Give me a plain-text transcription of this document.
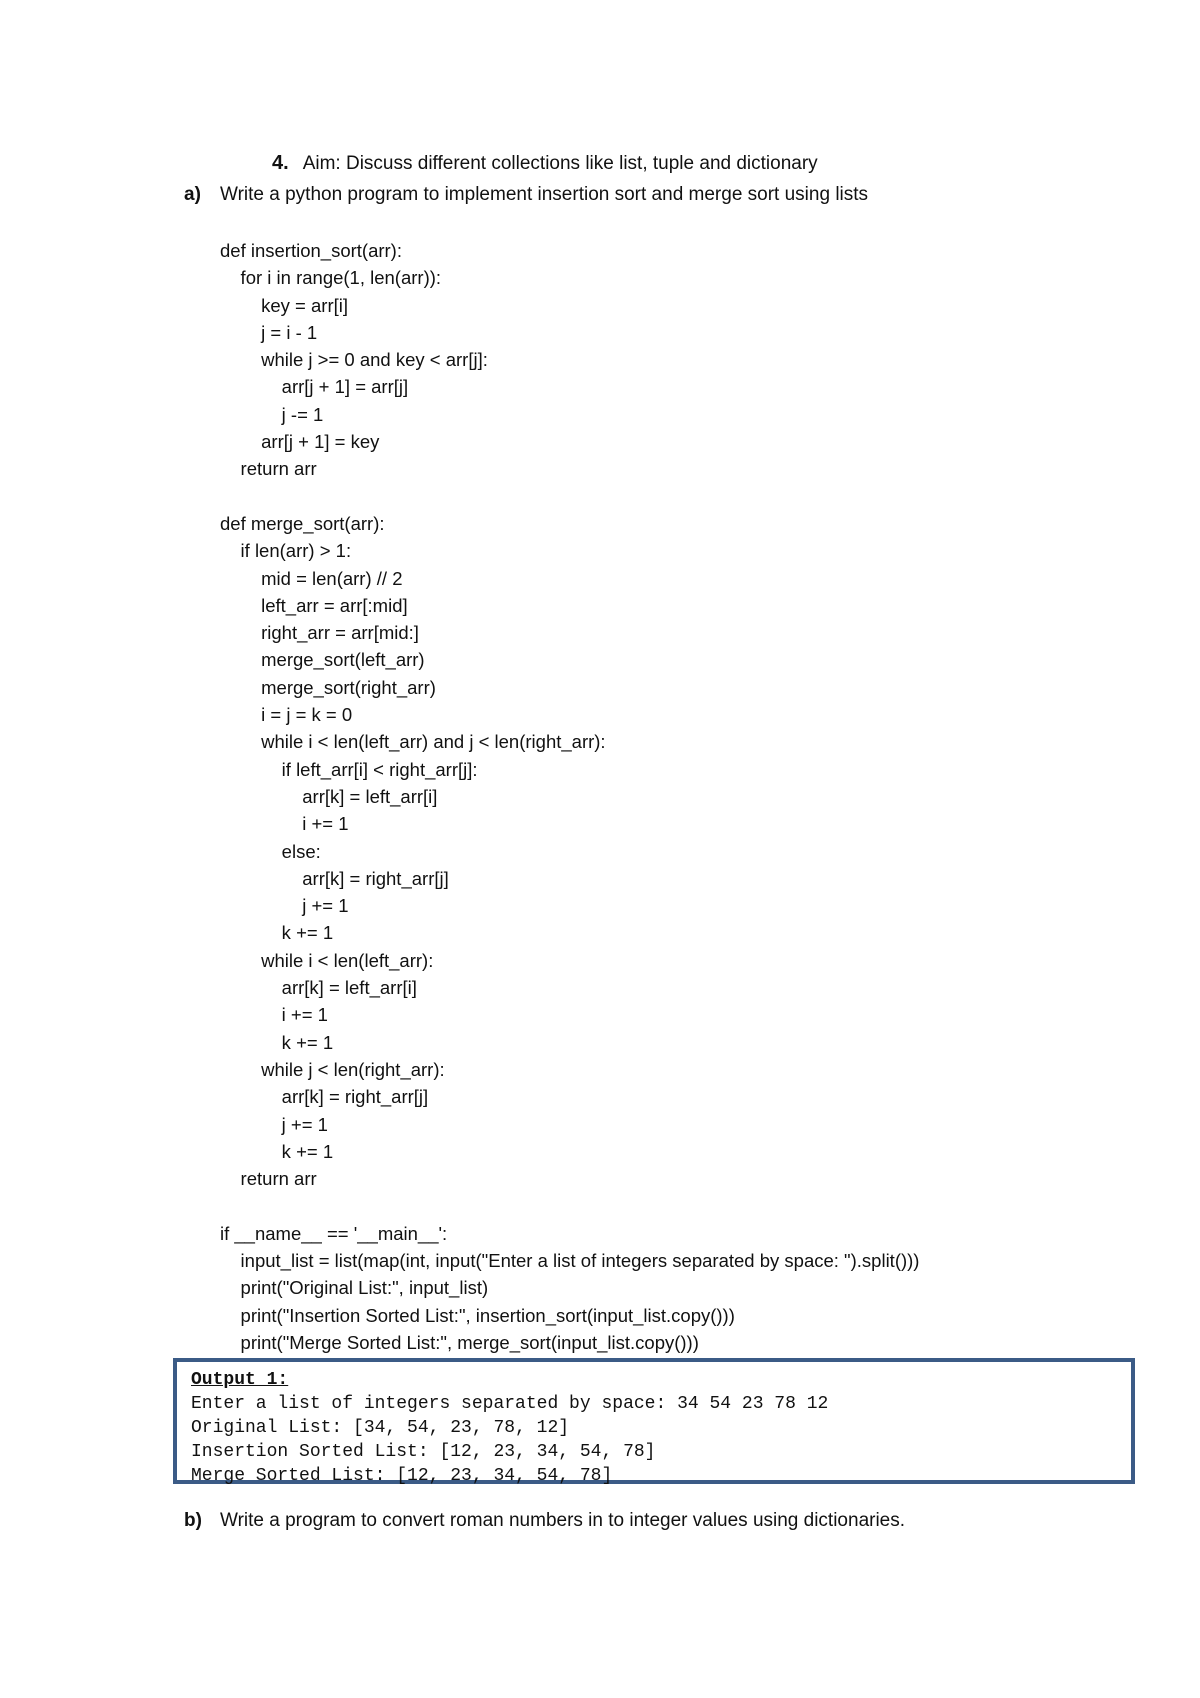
4. Aim: Discuss different collections like list, tuple and dictionary
a) Write a python program to implement insertion sort and merge sort using lists
def insertion_sort(arr):
for i in range(1, len(arr)):
key = arr[i]
j = i - 1
while j >= 0 and key < arr[j]:
arr[j + 1] = arr[j]
j -= 1
arr[j + 1] = key
return arr
def merge_sort(arr):
if len(arr) > 1:
mid = len(arr) // 2
left_arr = arr[:mid]
right_arr = arr[mid:]
merge_sort(left_arr)
merge_sort(right_arr)
i = j = k = 0
while i < len(left_arr) and j < len(right_arr):
if left_arr[i] < right_arr[j]:
arr[k] = left_arr[i]
i += 1
else:
arr[k] = right_arr[j]
j += 1
k += 1
while i < len(left_arr):
arr[k] = left_arr[i]
i += 1
k += 1
while j < len(right_arr):
arr[k] = right_arr[j]
j += 1
k += 1
return arr
if __name__ == '__main__':
input_list = list(map(int, input("Enter a list of integers separated by space: ").split()))
print("Original List:", input_list)
print("Insertion Sorted List:", insertion_sort(input_list.copy()))
print("Merge Sorted List:", merge_sort(input_list.copy()))
Output 1:
Enter a list of integers separated by space: 34 54 23 78 12
Original List: [34, 54, 23, 78, 12]
Insertion Sorted List: [12, 23, 34, 54, 78]
Merge Sorted List: [12, 23, 34, 54, 78]
b) Write a program to convert roman numbers in to integer values using dictionaries.
